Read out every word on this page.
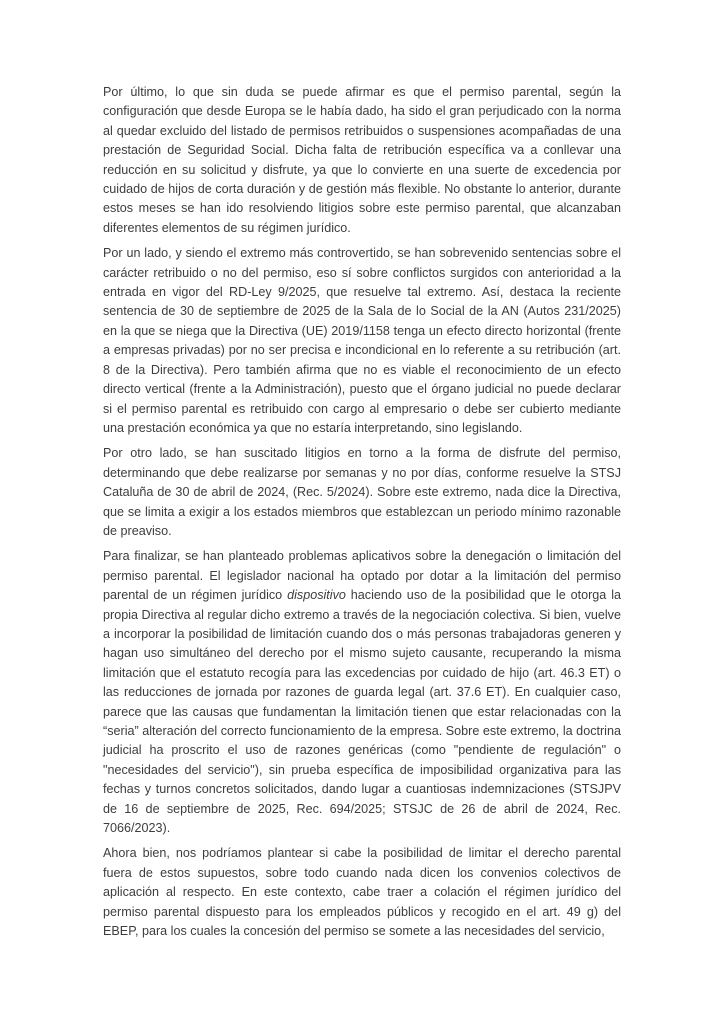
Por último, lo que sin duda se puede afirmar es que el permiso parental, según la configuración que desde Europa se le había dado, ha sido el gran perjudicado con la norma al quedar excluido del listado de permisos retribuidos o suspensiones acompañadas de una prestación de Seguridad Social. Dicha falta de retribución específica va a conllevar una reducción en su solicitud y disfrute, ya que lo convierte en una suerte de excedencia por cuidado de hijos de corta duración y de gestión más flexible. No obstante lo anterior, durante estos meses se han ido resolviendo litigios sobre este permiso parental, que alcanzaban diferentes elementos de su régimen jurídico.

Por un lado, y siendo el extremo más controvertido, se han sobrevenido sentencias sobre el carácter retribuido o no del permiso, eso sí sobre conflictos surgidos con anterioridad a la entrada en vigor del RD-Ley 9/2025, que resuelve tal extremo. Así, destaca la reciente sentencia de 30 de septiembre de 2025 de la Sala de lo Social de la AN (Autos 231/2025) en la que se niega que la Directiva (UE) 2019/1158 tenga un efecto directo horizontal (frente a empresas privadas) por no ser precisa e incondicional en lo referente a su retribución (art. 8 de la Directiva). Pero también afirma que no es viable el reconocimiento de un efecto directo vertical (frente a la Administración), puesto que el órgano judicial no puede declarar si el permiso parental es retribuido con cargo al empresario o debe ser cubierto mediante una prestación económica ya que no estaría interpretando, sino legislando.

Por otro lado, se han suscitado litigios en torno a la forma de disfrute del permiso, determinando que debe realizarse por semanas y no por días, conforme resuelve la STSJ Cataluña de 30 de abril de 2024, (Rec. 5/2024). Sobre este extremo, nada dice la Directiva, que se limita a exigir a los estados miembros que establezcan un periodo mínimo razonable de preaviso.

Para finalizar, se han planteado problemas aplicativos sobre la denegación o limitación del permiso parental. El legislador nacional ha optado por dotar a la limitación del permiso parental de un régimen jurídico dispositivo haciendo uso de la posibilidad que le otorga la propia Directiva al regular dicho extremo a través de la negociación colectiva. Si bien, vuelve a incorporar la posibilidad de limitación cuando dos o más personas trabajadoras generen y hagan uso simultáneo del derecho por el mismo sujeto causante, recuperando la misma limitación que el estatuto recogía para las excedencias por cuidado de hijo (art. 46.3 ET) o las reducciones de jornada por razones de guarda legal (art. 37.6 ET). En cualquier caso, parece que las causas que fundamentan la limitación tienen que estar relacionadas con la “seria” alteración del correcto funcionamiento de la empresa. Sobre este extremo, la doctrina judicial ha proscrito el uso de razones genéricas (como "pendiente de regulación" o "necesidades del servicio"), sin prueba específica de imposibilidad organizativa para las fechas y turnos concretos solicitados, dando lugar a cuantiosas indemnizaciones (STSJPV de 16 de septiembre de 2025, Rec. 694/2025; STSJC de 26 de abril de 2024, Rec. 7066/2023).

Ahora bien, nos podríamos plantear si cabe la posibilidad de limitar el derecho parental fuera de estos supuestos, sobre todo cuando nada dicen los convenios colectivos de aplicación al respecto. En este contexto, cabe traer a colación el régimen jurídico del permiso parental dispuesto para los empleados públicos y recogido en el art. 49 g) del EBEP, para los cuales la concesión del permiso se somete a las necesidades del servicio,
